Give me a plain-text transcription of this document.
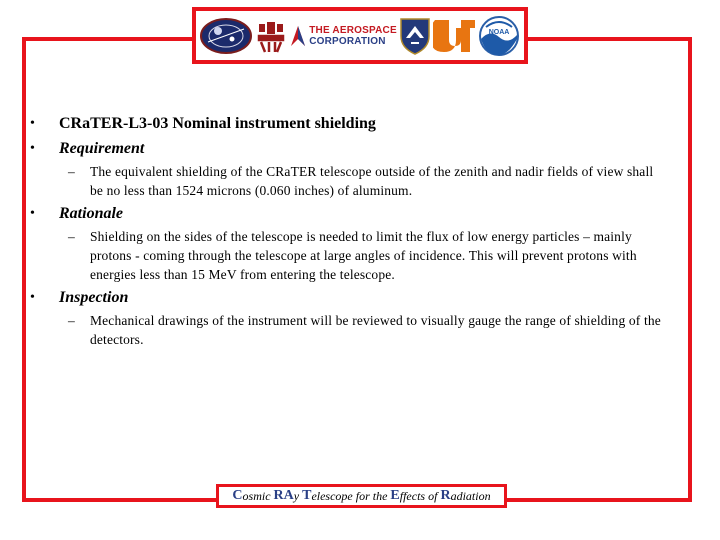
THE AEROSPACE
CORPORATION
NOAA
• CRaTER-L3-03 Nominal instrument shielding
• Requirement
– The equivalent shielding of the CRaTER telescope outside of the zenith and nadir fields of view shall be no less than 1524 microns (0.060 inches) of aluminum.
• Rationale
– Shielding on the sides of the telescope is needed to limit the flux of low energy particles – mainly protons - coming through the telescope at large angles of incidence. This will prevent protons with energies less than 15 MeV from entering the telescope.
• Inspection
– Mechanical drawings of the instrument will be reviewed to visually gauge the range of shielding of the detectors.
C osmic RA y T elescope for the E ffects of R adiation
